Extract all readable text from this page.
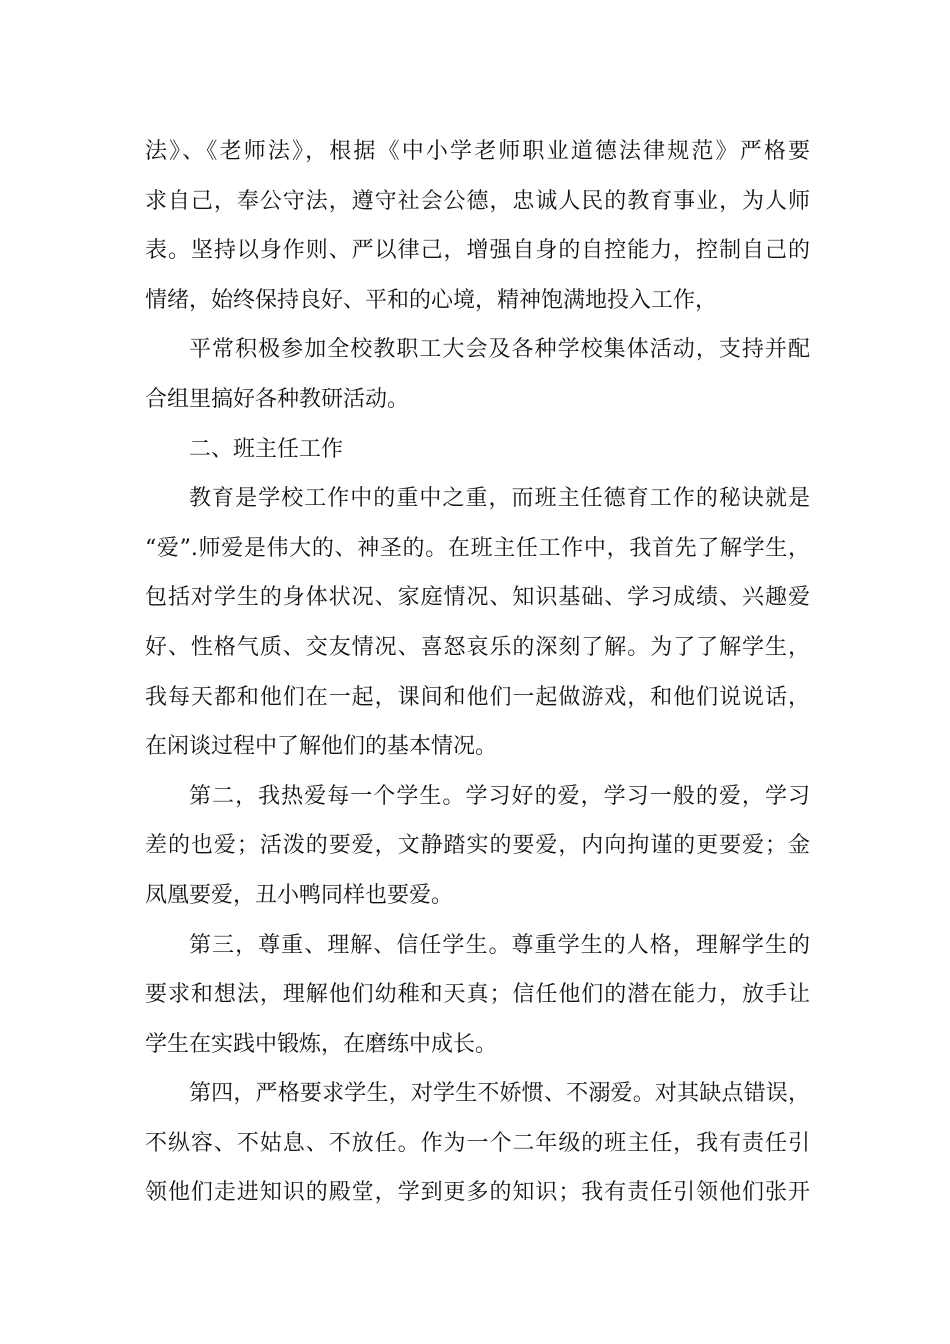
法》、《老师法》，根据《中小学老师职业道德法律规范》严格要
求自己，奉公守法，遵守社会公德，忠诚人民的教育事业，为人师
表。坚持以身作则、严以律己，增强自身的自控能力，控制自己的
情绪，始终保持良好、平和的心境，精神饱满地投入工作，
平常积极参加全校教职工大会及各种学校集体活动，支持并配
合组里搞好各种教研活动。
二、班主任工作
教育是学校工作中的重中之重，而班主任德育工作的秘诀就是
“爱”.师爱是伟大的、神圣的。在班主任工作中，我首先了解学生，
包括对学生的身体状况、家庭情况、知识基础、学习成绩、兴趣爱
好、性格气质、交友情况、喜怒哀乐的深刻了解。为了了解学生，
我每天都和他们在一起，课间和他们一起做游戏，和他们说说话，
在闲谈过程中了解他们的基本情况。
第二，我热爱每一个学生。学习好的爱，学习一般的爱，学习
差的也爱；活泼的要爱，文静踏实的要爱，内向拘谨的更要爱；金
凤凰要爱，丑小鸭同样也要爱。
第三，尊重、理解、信任学生。尊重学生的人格，理解学生的
要求和想法，理解他们幼稚和天真；信任他们的潜在能力，放手让
学生在实践中锻炼，在磨练中成长。
第四，严格要求学生，对学生不娇惯、不溺爱。对其缺点错误，
不纵容、不姑息、不放任。作为一个二年级的班主任，我有责任引
领他们走进知识的殿堂，学到更多的知识；我有责任引领他们张开
